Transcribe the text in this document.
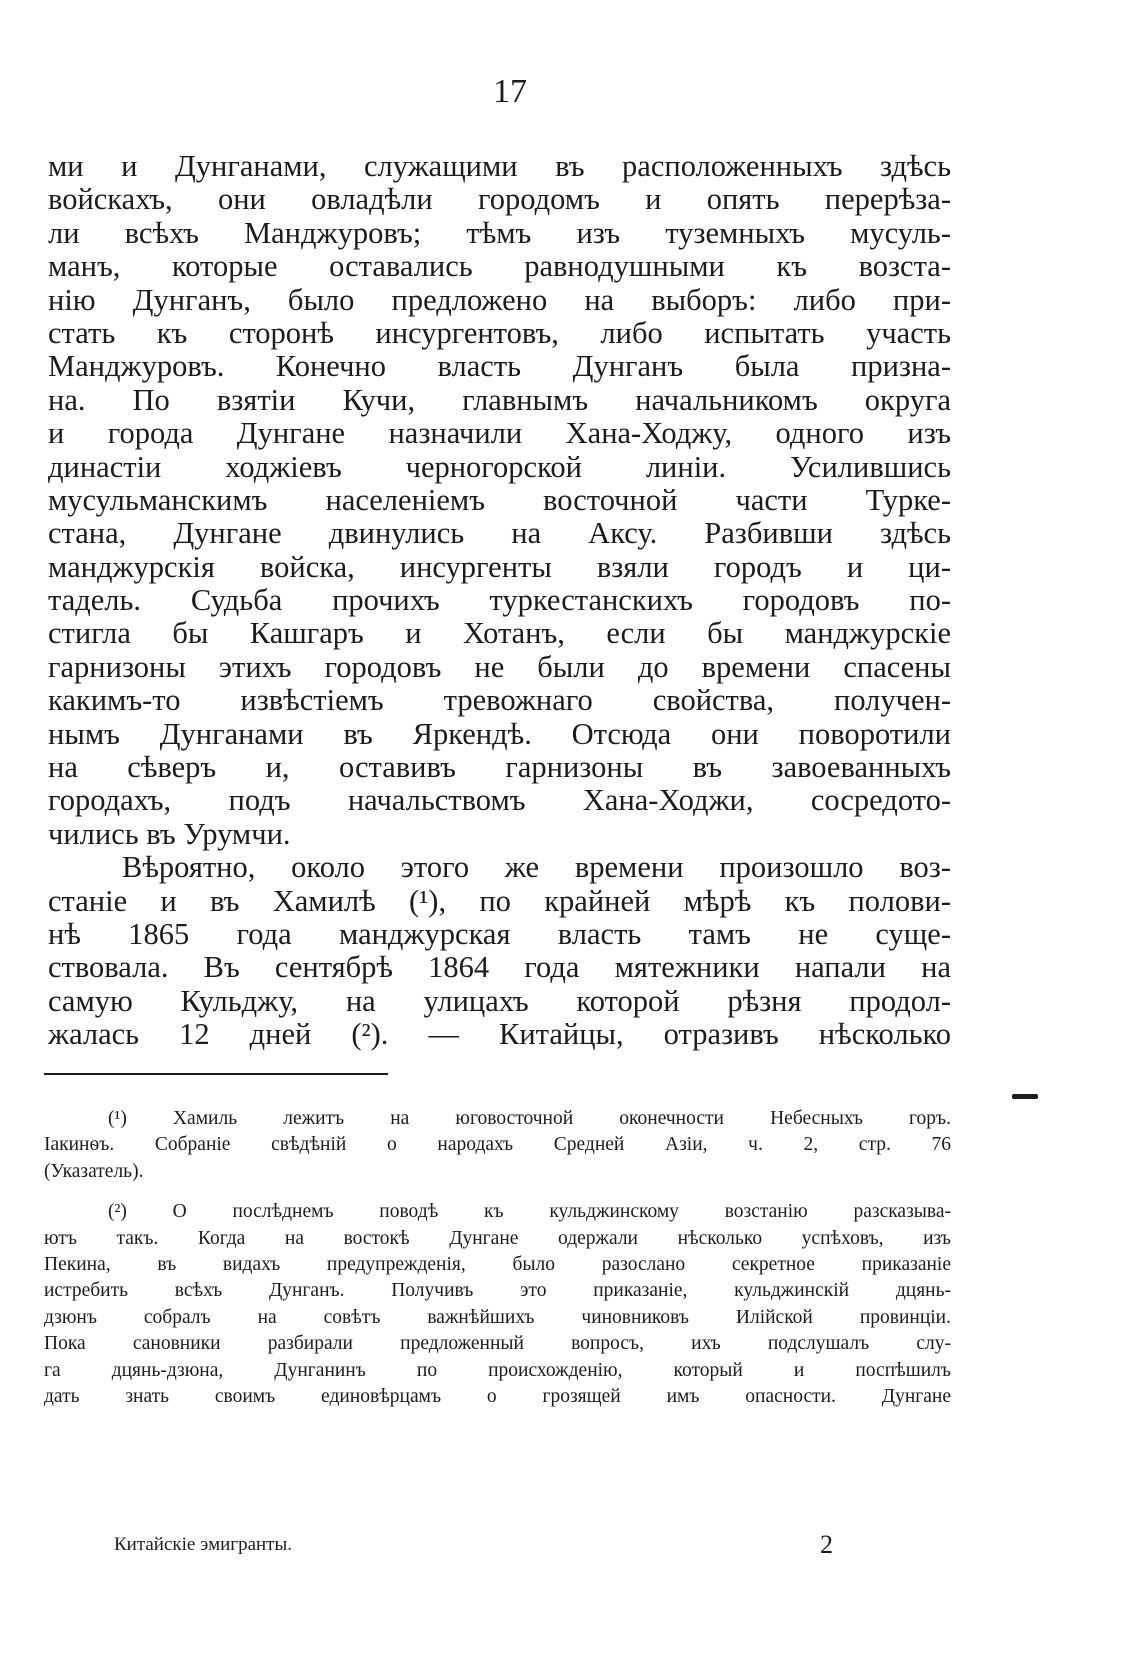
17
ми и Дунганами, служащими въ расположенныхъ здѣсь
войскахъ, они овладѣли городомъ и опять перерѣза-
ли всѣхъ Манджуровъ; тѣмъ изъ туземныхъ мусуль-
манъ, которые оставались равнодушными къ возста-
нію Дунганъ, было предложено на выборъ: либо при-
стать къ сторонѣ инсургентовъ, либо испытать участь
Манджуровъ. Конечно власть Дунганъ была призна-
на. По взятіи Кучи, главнымъ начальникомъ округа
и города Дунгане назначили Хана-Ходжу, одного изъ
династіи ходжіевъ черногорской линіи. Усилившись
мусульманскимъ населеніемъ восточной части Турке-
стана, Дунгане двинулись на Аксу. Разбивши здѣсь
манджурскія войска, инсургенты взяли городъ и ци-
тадель. Судьба прочихъ туркестанскихъ городовъ по-
стигла бы Кашгаръ и Хотанъ, если бы манджурскіе
гарнизоны этихъ городовъ не были до времени спасены
какимъ-то извѣстіемъ тревожнаго свойства, получен-
нымъ Дунганами въ Яркендѣ. Отсюда они поворотили
на сѣверъ и, оставивъ гарнизоны въ завоеванныхъ
городахъ, подъ начальствомъ Хана-Ходжи, сосредото-
чились въ Урумчи.
Вѣроятно, около этого же времени произошло воз-
станіе и въ Хамилѣ (¹), по крайней мѣрѣ къ полови-
нѣ 1865 года манджурская власть тамъ не суще-
ствовала. Въ сентябрѣ 1864 года мятежники напали на
самую Кульджу, на улицахъ которой рѣзня продол-
жалась 12 дней (²). — Китайцы, отразивъ нѣсколько
(¹) Хамиль лежитъ на юговосточной оконечности Небесныхъ горъ.
Іакинѳъ. Собраніе свѣдѣній о народахъ Средней Азіи, ч. 2, стр. 76
(Указатель).
(²) О послѣднемъ поводѣ къ кульджинскому возстанію разсказыва-
ютъ такъ. Когда на востокѣ Дунгане одержали нѣсколько успѣховъ, изъ
Пекина, въ видахъ предупрежденія, было разослано секретное приказаніе
истребить всѣхъ Дунганъ. Получивъ это приказаніе, кульджинскій дцянь-
дзюнъ собралъ на совѣтъ важнѣйшихъ чиновниковъ Илійской провинціи.
Пока сановники разбирали предложенный вопросъ, ихъ подслушалъ слу-
га дцянь-дзюна, Дунганинъ по происхожденію, который и поспѣшилъ
дать знать своимъ единовѣрцамъ о грозящей имъ опасности. Дунгане
Китайскіе эмигранты.	2
